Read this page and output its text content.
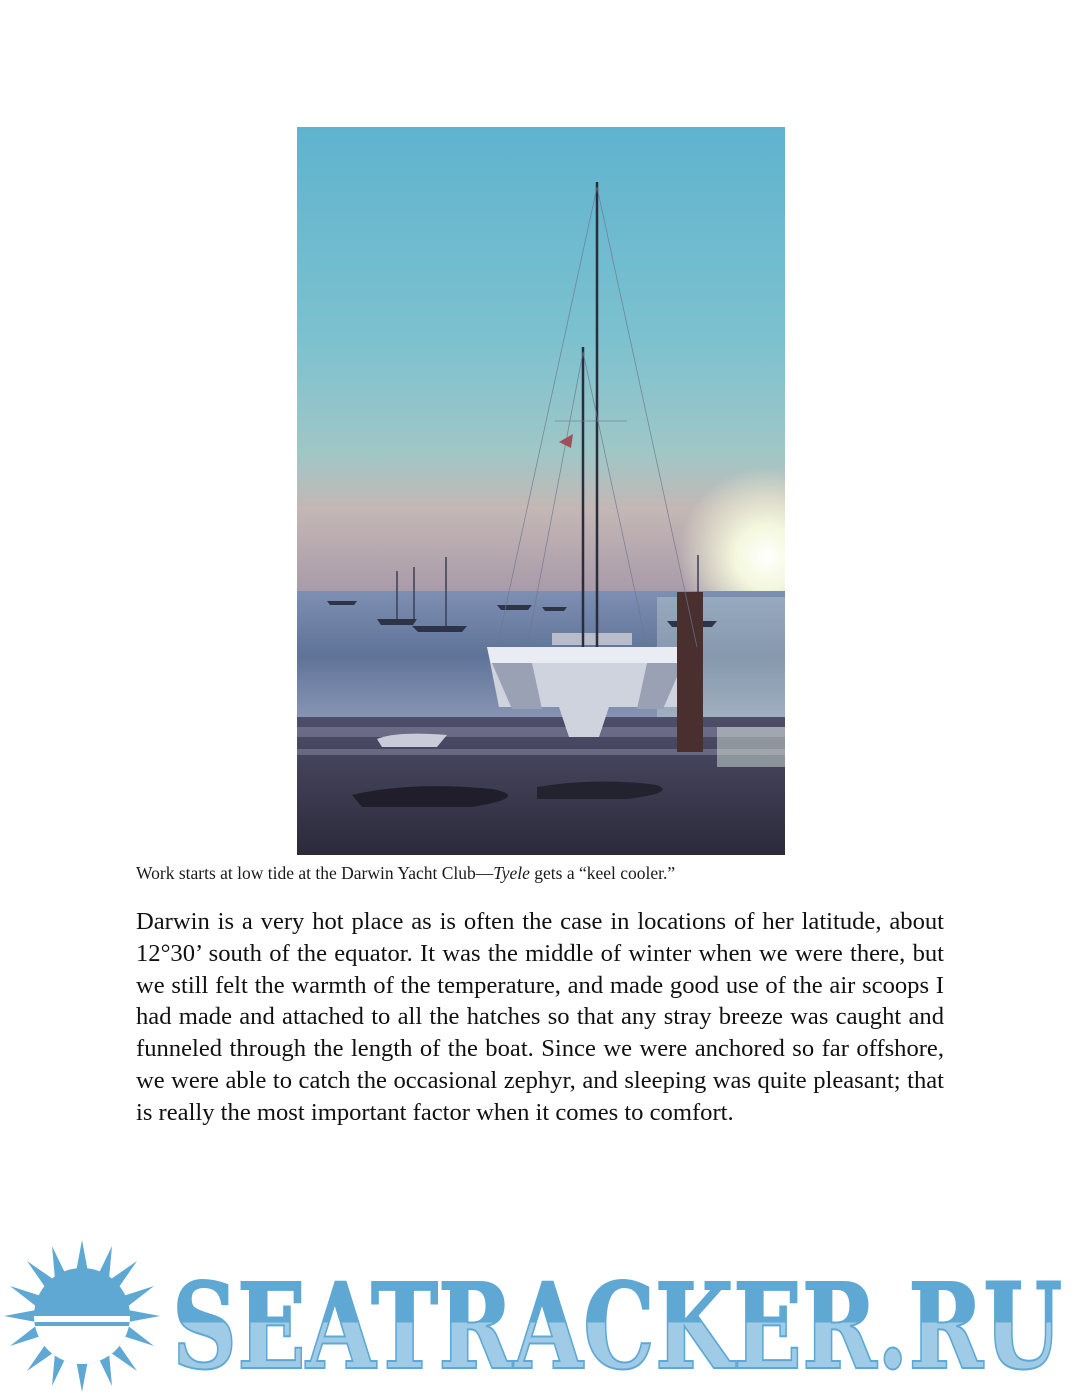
Work starts at low tide at the Darwin Yacht Club—Tyele gets a “keel cooler.”

Darwin is a very hot place as is often the case in locations of her latitude, about 12°30’ south of the equator. It was the middle of winter when we were there, but we still felt the warmth of the temperature, and made good use of the air scoops I had made and attached to all the hatches so that any stray breeze was caught and funneled through the length of the boat. Since we were anchored so far offshore, we were able to catch the occasional zephyr, and sleeping was quite pleasant; that is really the most important factor when it comes to comfort.

SEATRACKER.RU
